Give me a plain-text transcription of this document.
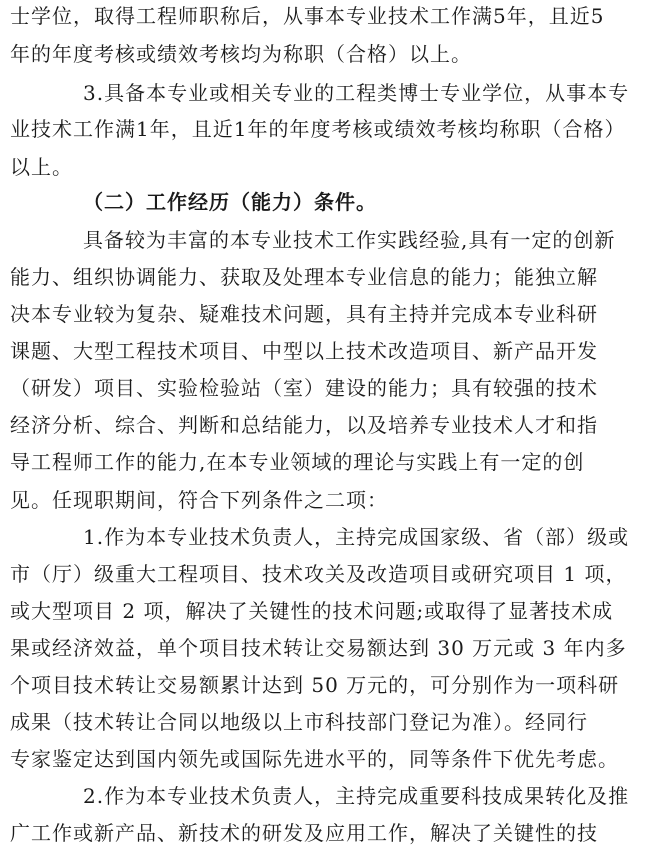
士学位，取得工程师职称后，从事本专业技术工作满5年，且近5
年的年度考核或绩效考核均为称职（合格）以上。
3.具备本专业或相关专业的工程类博士专业学位，从事本专
业技术工作满1年，且近1年的年度考核或绩效考核均称职（合格）
以上。
（二）工作经历（能力）条件。
具备较为丰富的本专业技术工作实践经验,具有一定的创新
能力、组织协调能力、获取及处理本专业信息的能力；能独立解
决本专业较为复杂、疑难技术问题，具有主持并完成本专业科研
课题、大型工程技术项目、中型以上技术改造项目、新产品开发
（研发）项目、实验检验站（室）建设的能力；具有较强的技术
经济分析、综合、判断和总结能力，以及培养专业技术人才和指
导工程师工作的能力,在本专业领域的理论与实践上有一定的创
见。任现职期间，符合下列条件之二项：
1.作为本专业技术负责人，主持完成国家级、省（部）级或
市（厅）级重大工程项目、技术攻关及改造项目或研究项目 1 项，
或大型项目 2 项，解决了关键性的技术问题;或取得了显著技术成
果或经济效益，单个项目技术转让交易额达到 30 万元或 3 年内多
个项目技术转让交易额累计达到 50 万元的，可分别作为一项科研
成果（技术转让合同以地级以上市科技部门登记为准）。经同行
专家鉴定达到国内领先或国际先进水平的，同等条件下优先考虑。
2.作为本专业技术负责人，主持完成重要科技成果转化及推
广工作或新产品、新技术的研发及应用工作，解决了关键性的技
